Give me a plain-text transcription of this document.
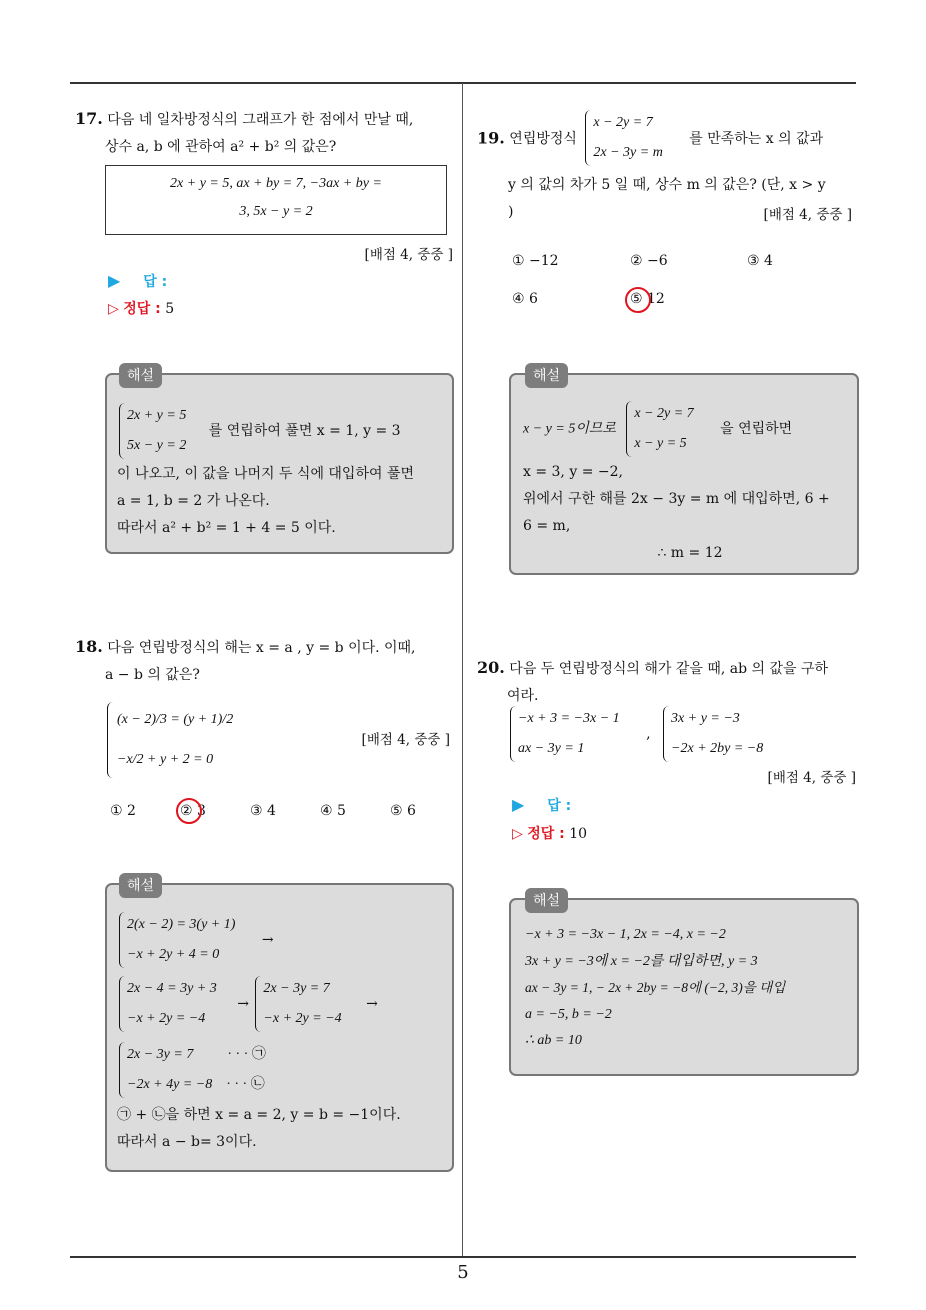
17. 다음 네 일차방정식의 그래프가 한 점에서 만날 때,
상수 a, b 에 관하여 a² + b² 의 값은?
2x + y = 5, ax + by = 7, −3ax + by =
3, 5x − y = 2
[배점 4, 중중 ]
▶ 답 :
▷ 정답 : 5
해설
2x + y = 5
5x − y = 2
를 연립하여 풀면 x = 1, y = 3
이 나오고, 이 값을 나머지 두 식에 대입하여 풀면
a = 1, b = 2 가 나온다.
따라서 a² + b² = 1 + 4 = 5 이다.
18. 다음 연립방정식의 해는 x = a , y = b 이다. 이때,
a − b 의 값은?
(x − 2)/3 = (y + 1)/2
−x/2 + y + 2 = 0
[배점 4, 중중 ]
① 2	② 3	③ 4	④ 5	⑤ 6
해설
2(x − 2) = 3(y + 1)
−x + 2y + 4 = 0
→
2x − 4 = 3y + 3
−x + 2y = −4
→
2x − 3y = 7
−x + 2y = −4
→
2x − 3y = 7 · · · ㉠
−2x + 4y = −8 · · · ㉡
㉠ + ㉡을 하면 x = a = 2, y = b = −1이다.
따라서 a − b= 3이다.
19. 연립방정식
x − 2y = 7
2x − 3y = m
를 만족하는 x 의 값과
y 의 값의 차가 5 일 때, 상수 m 의 값은? (단, x > y
)	[배점 4, 중중 ]
① −12	② −6	③ 4
④ 6	⑤ 12
해설
x − y = 5이므로
x − 2y = 7
x − y = 5
을 연립하면
x = 3, y = −2,
위에서 구한 해를 2x − 3y = m 에 대입하면, 6 +
6 = m,
∴ m = 12
20. 다음 두 연립방정식의 해가 같을 때, ab 의 값을 구하
여라.
−x + 3 = −3x − 1
ax − 3y = 1
,
3x + y = −3
−2x + 2by = −8
[배점 4, 중중 ]
▶ 답 :
▷ 정답 : 10
해설
−x + 3 = −3x − 1, 2x = −4, x = −2
3x + y = −3에 x = −2를 대입하면, y = 3
ax − 3y = 1, − 2x + 2by = −8에 (−2, 3)을 대입
a = −5, b = −2
∴ ab = 10
5
